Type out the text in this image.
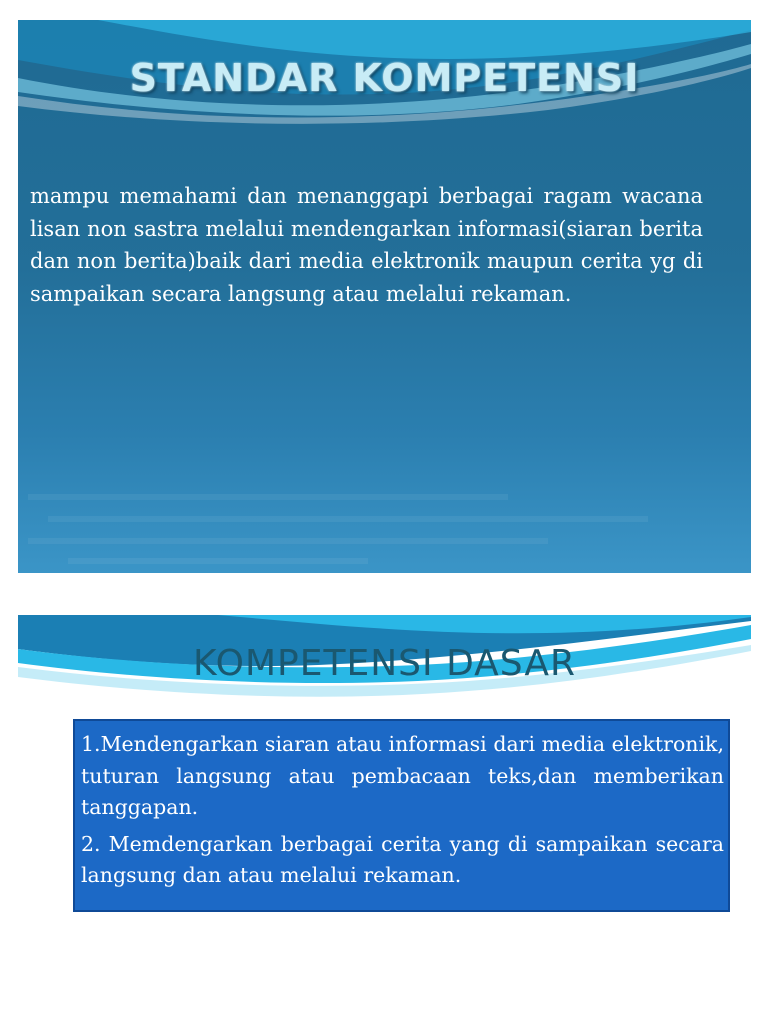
STANDAR KOMPETENSI
mampu memahami dan menanggapi berbagai ragam wacana lisan non sastra melalui mendengarkan informasi(siaran berita dan non berita)baik dari media elektronik maupun cerita yg di sampaikan secara langsung atau melalui rekaman.
KOMPETENSI DASAR
1.Mendengarkan siaran atau informasi dari media elektronik, tuturan langsung atau pembacaan teks,dan memberikan tanggapan.
2. Memdengarkan berbagai cerita yang di sampaikan secara langsung dan atau melalui rekaman.
